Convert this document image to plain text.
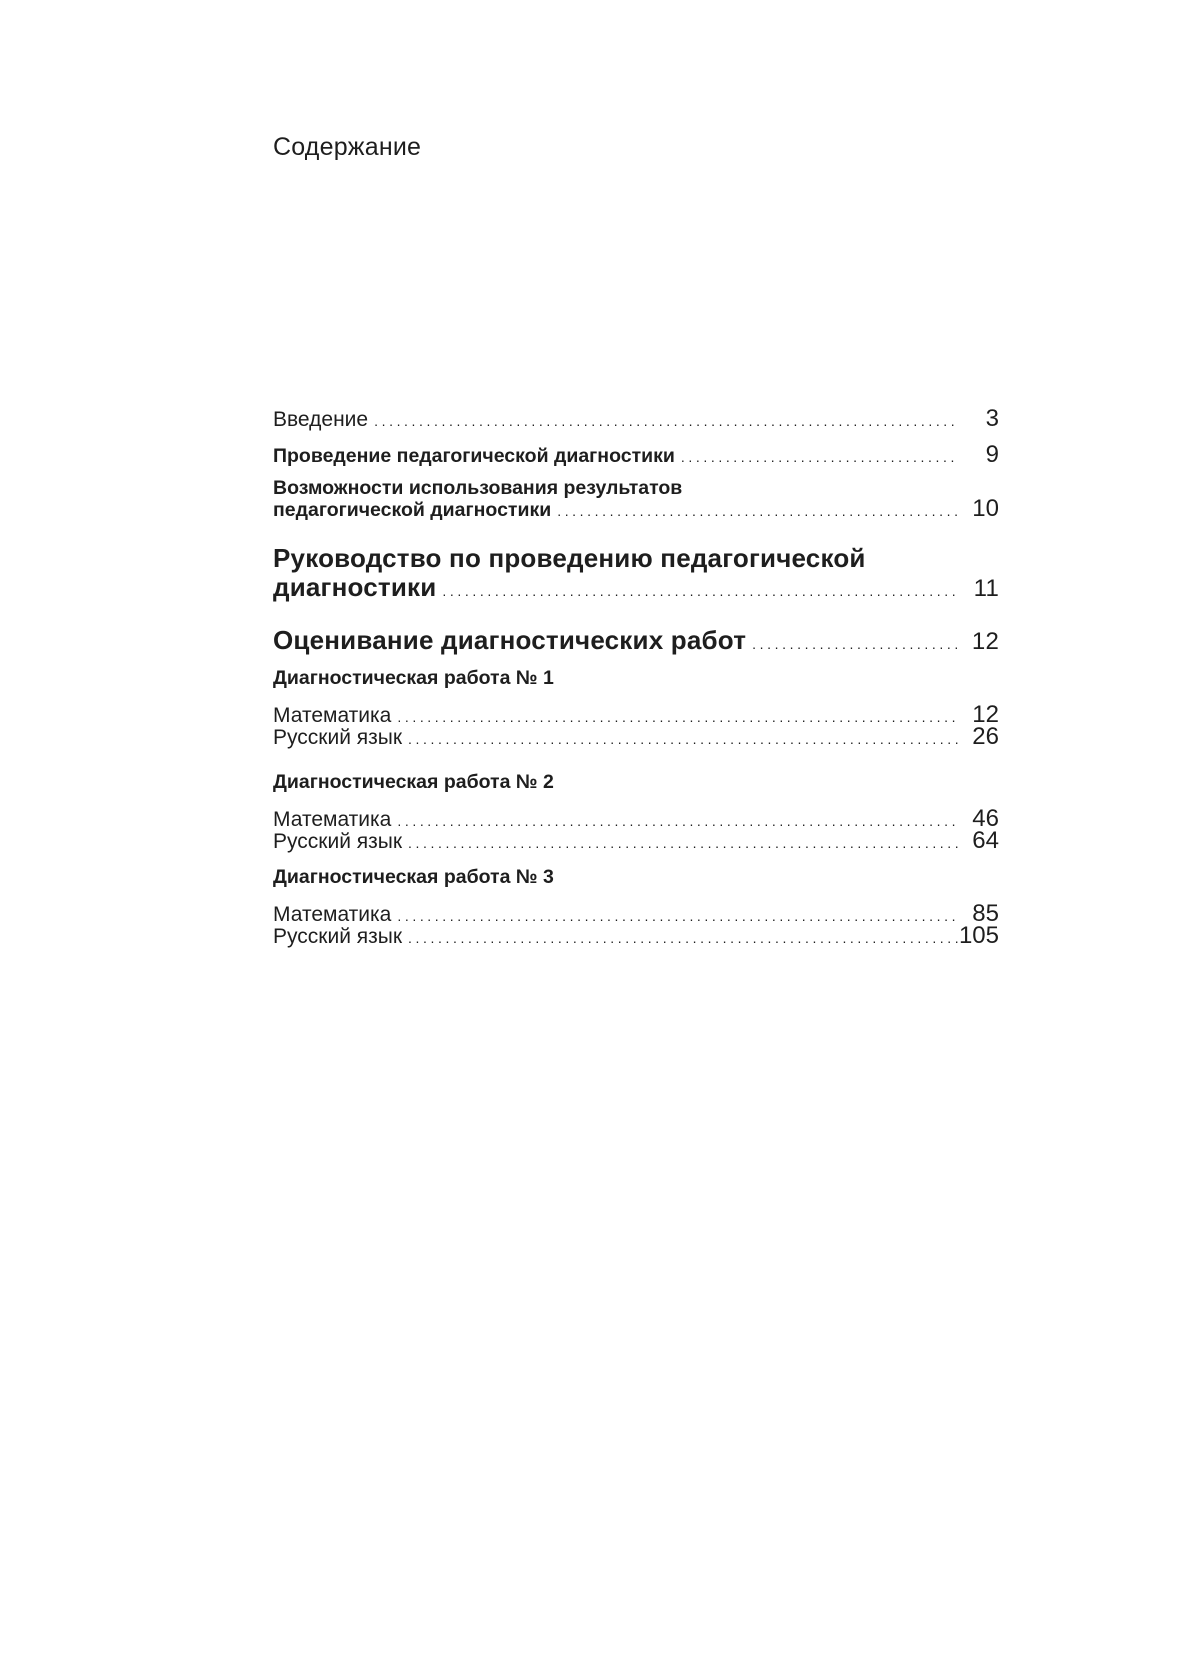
Содержание
Введение .....	3
Проведение педагогической диагностики .....	9
Возможности использования результатов
педагогической диагностики .....	10
Руководство по проведению педагогической
диагностики .....	11
Оценивание диагностических работ .....	12
Диагностическая работа № 1
Математика .....	12
Русский язык .....	26
Диагностическая работа № 2
Математика .....	46
Русский язык .....	64
Диагностическая работа № 3
Математика .....	85
Русский язык .....	105
